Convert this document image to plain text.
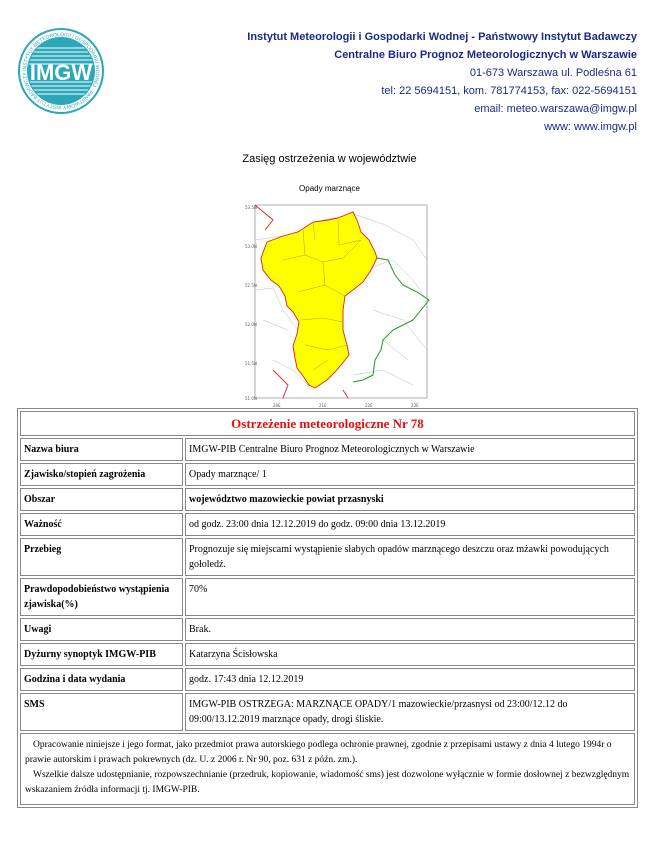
IMGW
INSTYTUT METEOROLOGII I GOSPODARKI WODNEJ · PAŃSTWOWY INSTYTUT BADAWCZY
Instytut Meteorologii i Gospodarki Wodnej - Państwowy Instytut Badawczy
Centralne Biuro Prognoz Meteorologicznych w Warszawie
01-673 Warszawa ul. Podleśna 61
tel: 22 5694151, kom. 781774153, fax: 022-5694151
email: meteo.warszawa@imgw.pl
www: www.imgw.pl
Zasięg ostrzeżenia w województwie
Opady marznące
53.5N
53.0N
52.5N
52.0N
51.5N
51.0N
20E	21E	22E	23E
Ostrzeżenie meteorologiczne Nr 78	
Nazwa biura	IMGW-PIB Centralne Biuro Prognoz Meteorologicznych w Warszawie
Zjawisko/stopień zagrożenia	Opady marznące/ 1
Obszar	województwo mazowieckie powiat przasnyski
Ważność	od godz. 23:00 dnia 12.12.2019 do godz. 09:00 dnia 13.12.2019
Przebieg	Prognozuje się miejscami wystąpienie słabych opadów marznącego deszczu oraz mżawki powodujących gołoledź.
Prawdopodobieństwo wystąpienia zjawiska(%)	70%
Uwagi	Brak.
Dyżurny synoptyk IMGW-PIB	Katarzyna Ścisłowska
Godzina i data wydania	godz. 17:43 dnia 12.12.2019
SMS	IMGW-PIB OSTRZEGA: MARZNĄCE OPADY/1 mazowieckie/przasnysi od 23:00/12.12 do 09:00/13.12.2019 marznące opady, drogi śliskie.

Opracowanie niniejsze i jego format, jako przedmiot prawa autorskiego podlega ochronie prawnej, zgodnie z przepisami ustawy z dnia 4 lutego 1994r o prawie autorskim i prawach pokrewnych (dz. U. z 2006 r. Nr 90, poz. 631 z późn. zm.).
Wszelkie dalsze udostępnianie, rozpowszechnianie (przedruk, kopiowanie, wiadomość sms) jest dozwolone wyłącznie w formie dosłownej z bezwzględnym wskazaniem źródła informacji tj. IMGW-PIB.	
